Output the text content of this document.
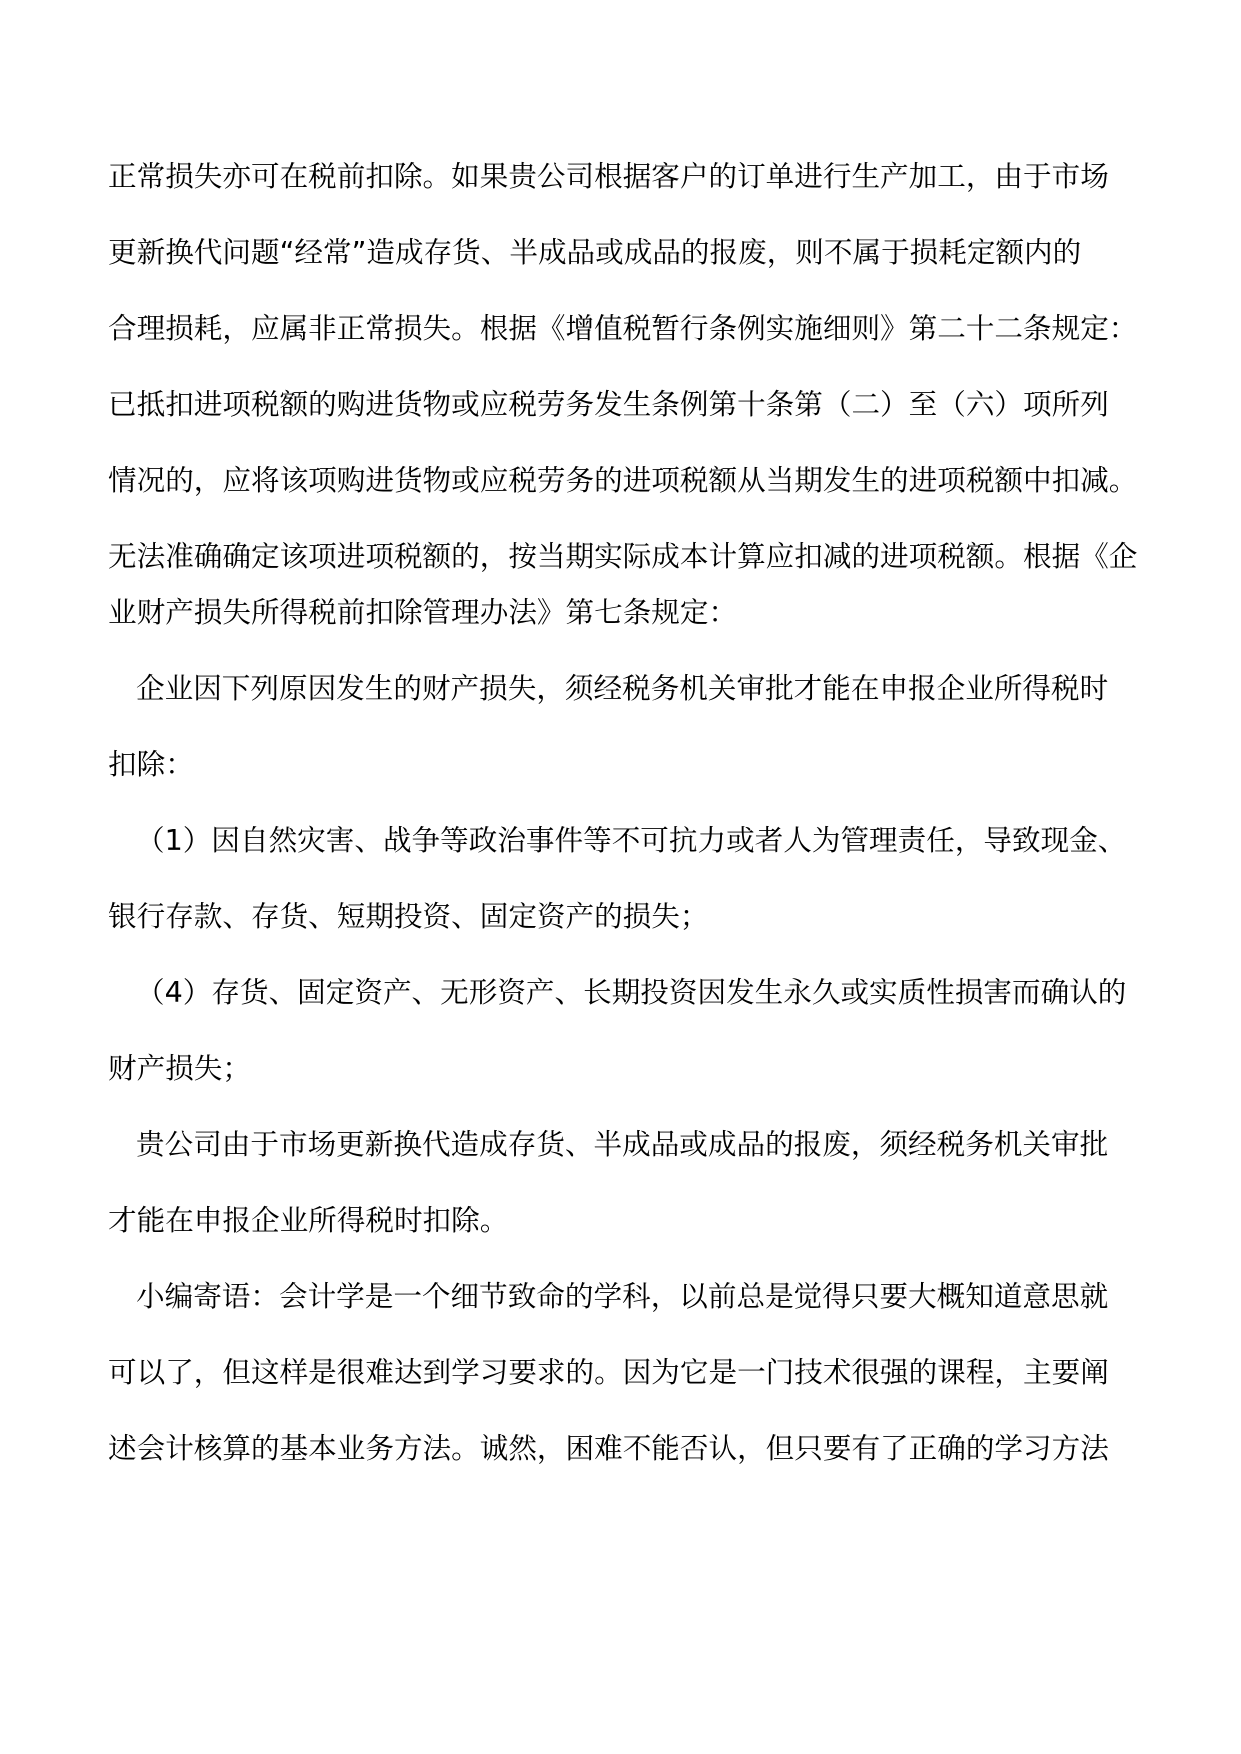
正常损失亦可在税前扣除。如果贵公司根据客户的订单进行生产加工，由于市场
更新换代问题“经常”造成存货、半成品或成品的报废，则不属于损耗定额内的
合理损耗，应属非正常损失。根据《增值税暂行条例实施细则》第二十二条规定：
已抵扣进项税额的购进货物或应税劳务发生条例第十条第（二）至（六）项所列
情况的，应将该项购进货物或应税劳务的进项税额从当期发生的进项税额中扣减。
无法准确确定该项进项税额的，按当期实际成本计算应扣减的进项税额。根据《企
业财产损失所得税前扣除管理办法》第七条规定：
企业因下列原因发生的财产损失，须经税务机关审批才能在申报企业所得税时
扣除：
（1）因自然灾害、战争等政治事件等不可抗力或者人为管理责任，导致现金、
银行存款、存货、短期投资、固定资产的损失；
（4）存货、固定资产、无形资产、长期投资因发生永久或实质性损害而确认的
财产损失；
贵公司由于市场更新换代造成存货、半成品或成品的报废，须经税务机关审批
才能在申报企业所得税时扣除。
小编寄语：会计学是一个细节致命的学科，以前总是觉得只要大概知道意思就
可以了，但这样是很难达到学习要求的。因为它是一门技术很强的课程，主要阐
述会计核算的基本业务方法。诚然，困难不能否认，但只要有了正确的学习方法
